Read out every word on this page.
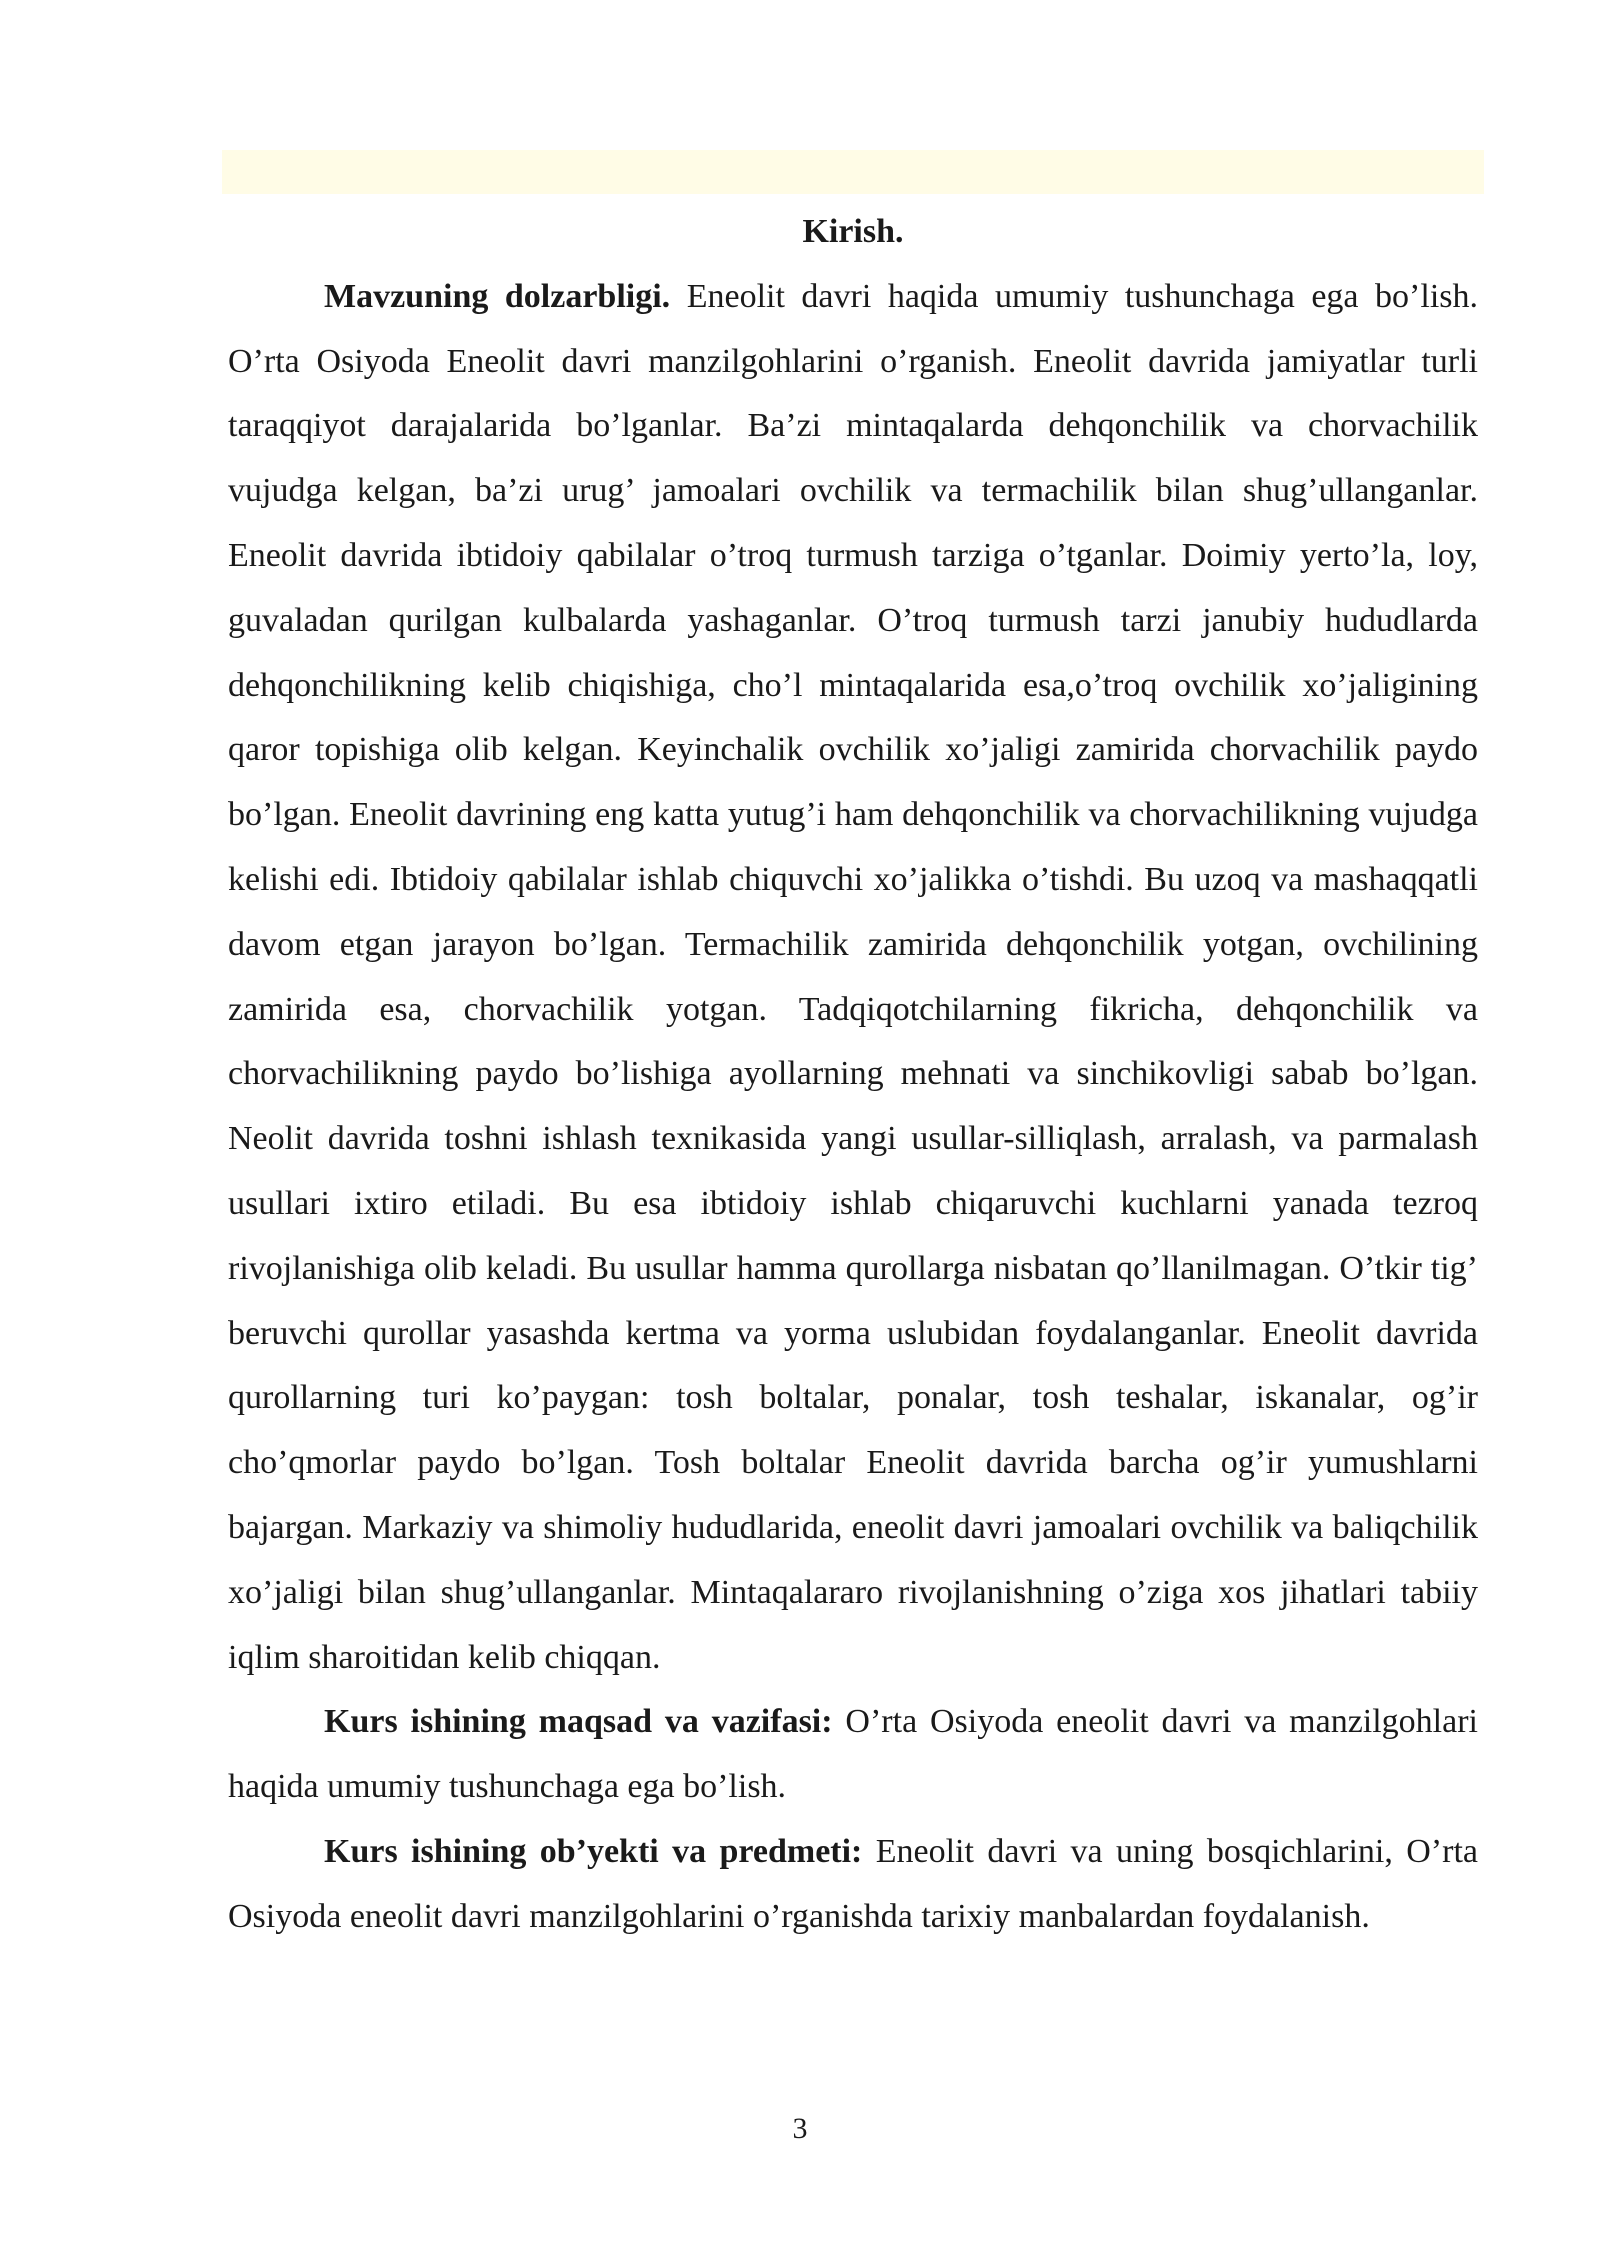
Kirish.

Mavzuning dolzarbligi. Eneolit davri haqida umumiy tushunchaga ega bo’lish. O’rta Osiyoda Eneolit davri manzilgohlarini o’rganish. Eneolit davrida jamiyatlar turli taraqqiyot darajalarida bo’lganlar. Ba’zi mintaqalarda dehqonchilik va chorvachilik vujudga kelgan, ba’zi urug’ jamoalari ovchilik va termachilik bilan shug’ullanganlar. Eneolit davrida ibtidoiy qabilalar o’troq turmush tarziga o’tganlar. Doimiy yerto’la, loy, guvaladan qurilgan kulbalarda yashaganlar. O’troq turmush tarzi janubiy hududlarda dehqonchilikning kelib chiqishiga, cho’l mintaqalarida esa,o’troq ovchilik xo’jaligining qaror topishiga olib kelgan. Keyinchalik ovchilik xo’jaligi zamirida chorvachilik paydo bo’lgan. Eneolit davrining eng katta yutug’i ham dehqonchilik va chorvachilikning vujudga kelishi edi. Ibtidoiy qabilalar ishlab chiquvchi xo’jalikka o’tishdi. Bu uzoq va mashaqqatli davom etgan jarayon bo’lgan. Termachilik zamirida dehqonchilik yotgan, ovchilining zamirida esa, chorvachilik yotgan. Tadqiqotchilarning fikricha, dehqonchilik va chorvachilikning paydo bo’lishiga ayollarning mehnati va sinchikovligi sabab bo’lgan. Neolit davrida toshni ishlash texnikasida yangi usullar-silliqlash, arralash, va parmalash usullari ixtiro etiladi. Bu esa ibtidoiy ishlab chiqaruvchi kuchlarni yanada tezroq rivojlanishiga olib keladi. Bu usullar hamma qurollarga nisbatan qo’llanilmagan. O’tkir tig’ beruvchi qurollar yasashda kertma va yorma uslubidan foydalanganlar. Eneolit davrida qurollarning turi ko’paygan: tosh boltalar, ponalar, tosh teshalar, iskanalar, og’ir cho’qmorlar paydo bo’lgan. Tosh boltalar Eneolit davrida barcha og’ir yumushlarni bajargan. Markaziy va shimoliy hududlarida, eneolit davri jamoalari ovchilik va baliqchilik xo’jaligi bilan shug’ullanganlar. Mintaqalararo rivojlanishning o’ziga xos jihatlari tabiiy iqlim sharoitidan kelib chiqqan.

Kurs ishining maqsad va vazifasi: O’rta Osiyoda eneolit davri va manzilgohlari haqida umumiy tushunchaga ega bo’lish.

Kurs ishining ob’yekti va predmeti: Eneolit davri va uning bosqichlarini, O’rta Osiyoda eneolit davri manzilgohlarini o’rganishda tarixiy manbalardan foydalanish.

3
